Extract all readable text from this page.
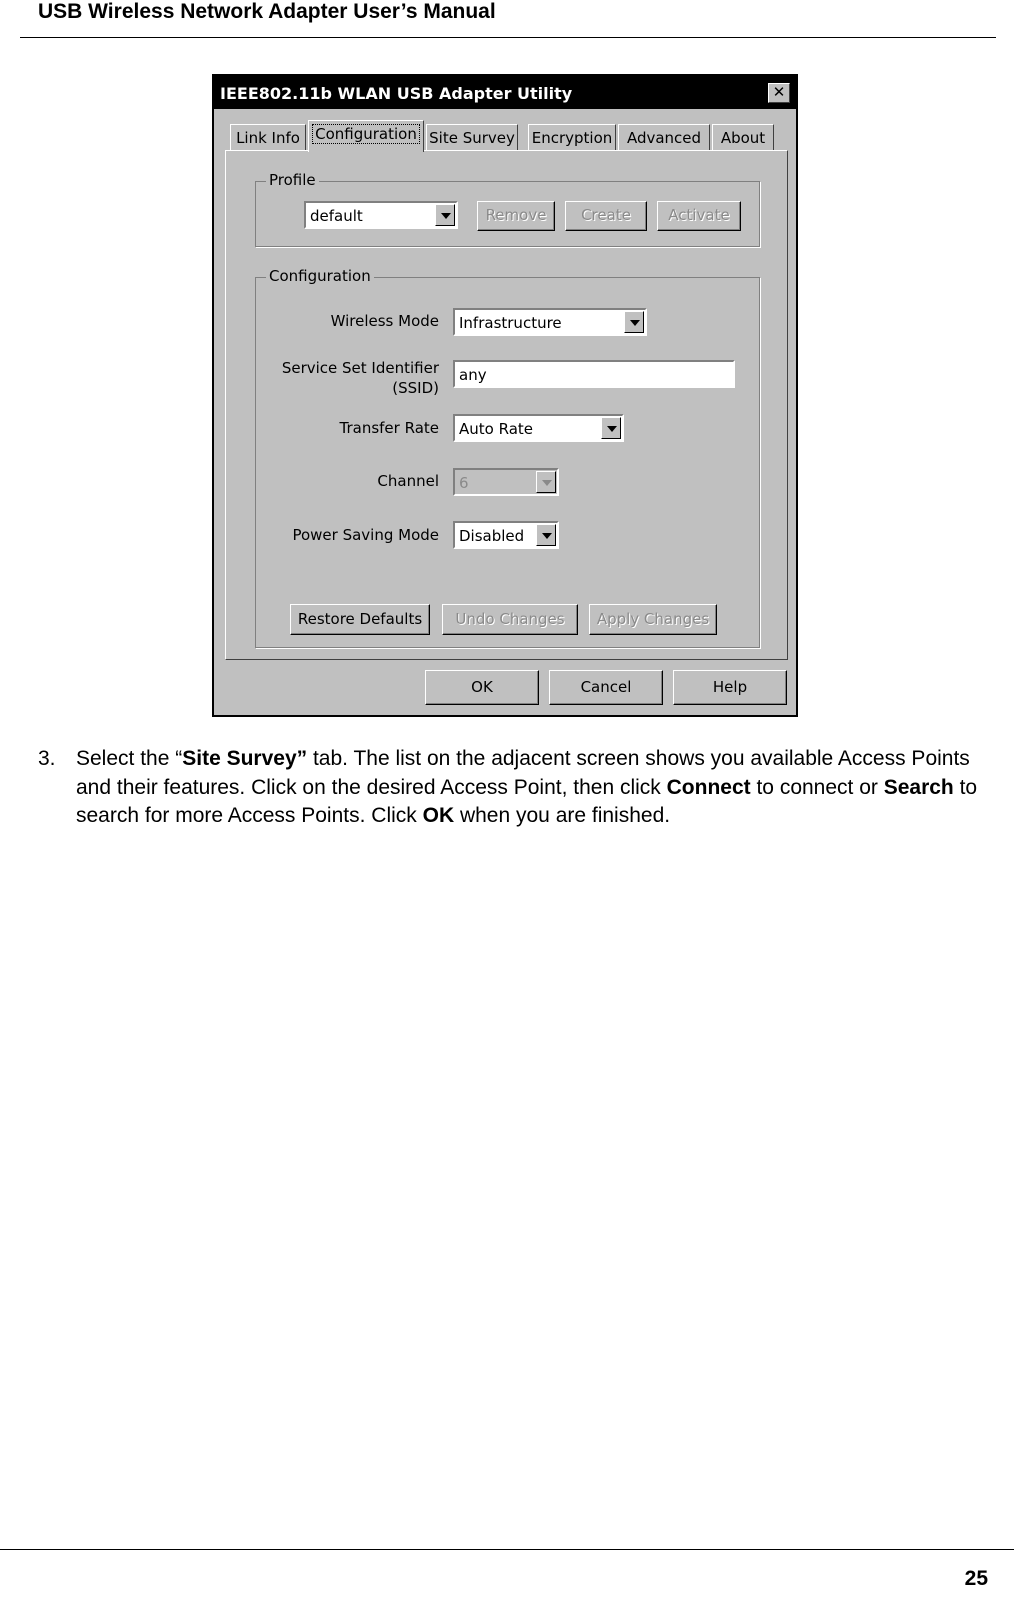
USB Wireless Network Adapter User’s Manual
IEEE802.11b WLAN USB Adapter Utility	✕
Link Info	Configuration Site Survey Encryption Advanced	About
Profile
default	Remove	Create	Activate
Configuration
Wireless Mode Infrastructure
Service Set Identifier
(SSID)
any
Transfer Rate Auto Rate
Channel 6
Power Saving Mode Disabled
Restore Defaults	Undo Changes	Apply Changes
OK	Cancel	Help
3. Select the “Site Survey” tab. The list on the adjacent screen shows you available Access Points and their features. Click on the desired Access Point, then click Connect to connect or Search to search for more Access Points. Click OK when you are finished.
25
